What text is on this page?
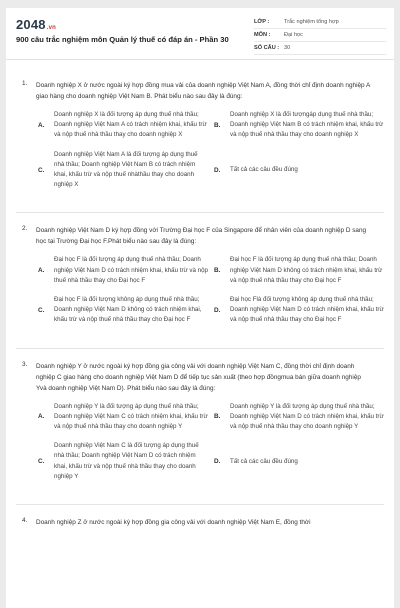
2048.vn
900 câu trắc nghiệm môn Quản lý thuế có đáp án - Phần 30
LỚP :	Trắc nghiệm tổng hợp
MÔN :	Đại học
SỐ CÂU : 30
1. Doanh nghiệp X ở nước ngoài ký hợp đồng mua vải của doanh nghiệp Việt Nam A, đồng thời chỉ định doanh nghiệp A giao hàng cho doanh nghiệp Việt Nam B. Phát biểu nào sau đây là đúng:
A.
Doanh nghiệp X là đối tượng áp dụng thuế nhà thầu; Doanh nghiệp Việt Nam A có trách nhiệm khai, khấu trừ và nộp thuế nhà thầu thay cho doanh nghiệp X
B.
Doanh nghiệp X là đối tượngáp dụng thuế nhà thầu; Doanh nghiệp Việt Nam B có trách nhiệm khai, khấu trừ và nộp thuế nhà thầu thay cho doanh nghiệp X
C.
Doanh nghiệp Việt Nam A là đối tượng áp dụng thuế nhà thầu; Doanh nghiệp Việt Nam B có trách nhiệm khai, khấu trừ và nộp thuế nhàthầu thay cho doanh nghiệp X
D.	Tất cả các câu đều đúng
2. Doanh nghiệp Việt Nam D ký hợp đồng với Trường Đại học F của Singapore để nhân viên của doanh nghiệp D sang học tại Trường Đại học F.Phát biểu nào sau đây là đúng:
A.
Đại học F là đối tượng áp dụng thuế nhà thầu; Doanh nghiệp Việt Nam D có trách nhiệm khai, khấu trừ và nộp thuế nhà thầu thay cho Đại học F
B.
Đại học F là đối tượng áp dụng thuế nhà thầu; Doanh nghiệp Việt Nam D không có trách nhiệm khai, khấu trừ và nộp thuế nhà thầu thay cho Đại học F
C.
Đại học F là đối tượng không áp dụng thuế nhà thầu; Doanh nghiệp Việt Nam D không có trách nhiệm khai, khấu trừ và nộp thuế nhà thầu thay cho Đại học F
D.
Đại học Flà đối tượng không áp dụng thuế nhà thầu; Doanh nghiệp Việt Nam D có trách nhiệm khai, khấu trừ và nộp thuế nhà thầu thay cho Đại học F
3. Doanh nghiệp Y ở nước ngoài ký hợp đồng gia công vải với doanh nghiệp Việt Nam C, đồng thời chỉ định doanh nghiệp C giao hàng cho doanh nghiệp Việt Nam D để tiếp tục sản xuất (theo hợp đồngmua bán giữa doanh nghiệp Yvà doanh nghiệp Việt Nam D). Phát biểu nào sau đây là đúng:
A.
Doanh nghiệp Y là đối tượng áp dụng thuế nhà thầu; Doanh nghiệp Việt Nam C có trách nhiệm khai, khấu trừ và nộp thuế nhà thầu thay cho doanh nghiệp Y
B.
Doanh nghiệp Y là đối tượng áp dụng thuế nhà thầu; Doanh nghiệp Việt Nam D có trách nhiệm khai, khấu trừ và nộp thuế nhà thầu thay cho doanh nghiệp Y
C.
Doanh nghiệp Việt Nam C là đối tượng áp dụng thuế nhà thầu; Doanh nghiệp Việt Nam D có trách nhiệm khai, khấu trừ và nộp thuế nhà thầu thay cho doanh nghiệp Y
D.	Tất cả các câu đều đúng
4. Doanh nghiệp Z ở nước ngoài ký hợp đồng gia công vải với doanh nghiệp Việt Nam E, đồng thời
